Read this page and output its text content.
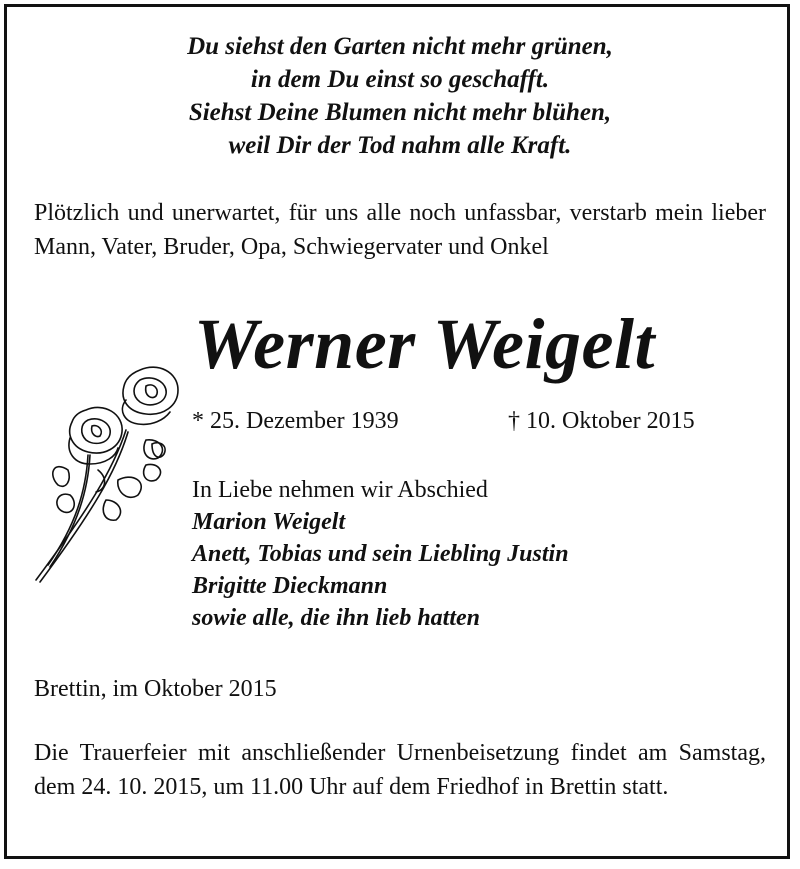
Du siehst den Garten nicht mehr grünen,
in dem Du einst so geschafft.
Siehst Deine Blumen nicht mehr blühen,
weil Dir der Tod nahm alle Kraft.
Plötzlich und unerwartet, für uns alle noch unfassbar, verstarb mein lieber Mann, Vater, Bruder, Opa, Schwiegervater und Onkel
Werner Weigelt
* 25. Dezember 1939	† 10. Oktober 2015
In Liebe nehmen wir Abschied
Marion Weigelt
Anett, Tobias und sein Liebling Justin
Brigitte Dieckmann
sowie alle, die ihn lieb hatten
Brettin, im Oktober 2015
Die Trauerfeier mit anschließender Urnenbeisetzung findet am Samstag, dem 24. 10. 2015, um 11.00 Uhr auf dem Friedhof in Brettin statt.
